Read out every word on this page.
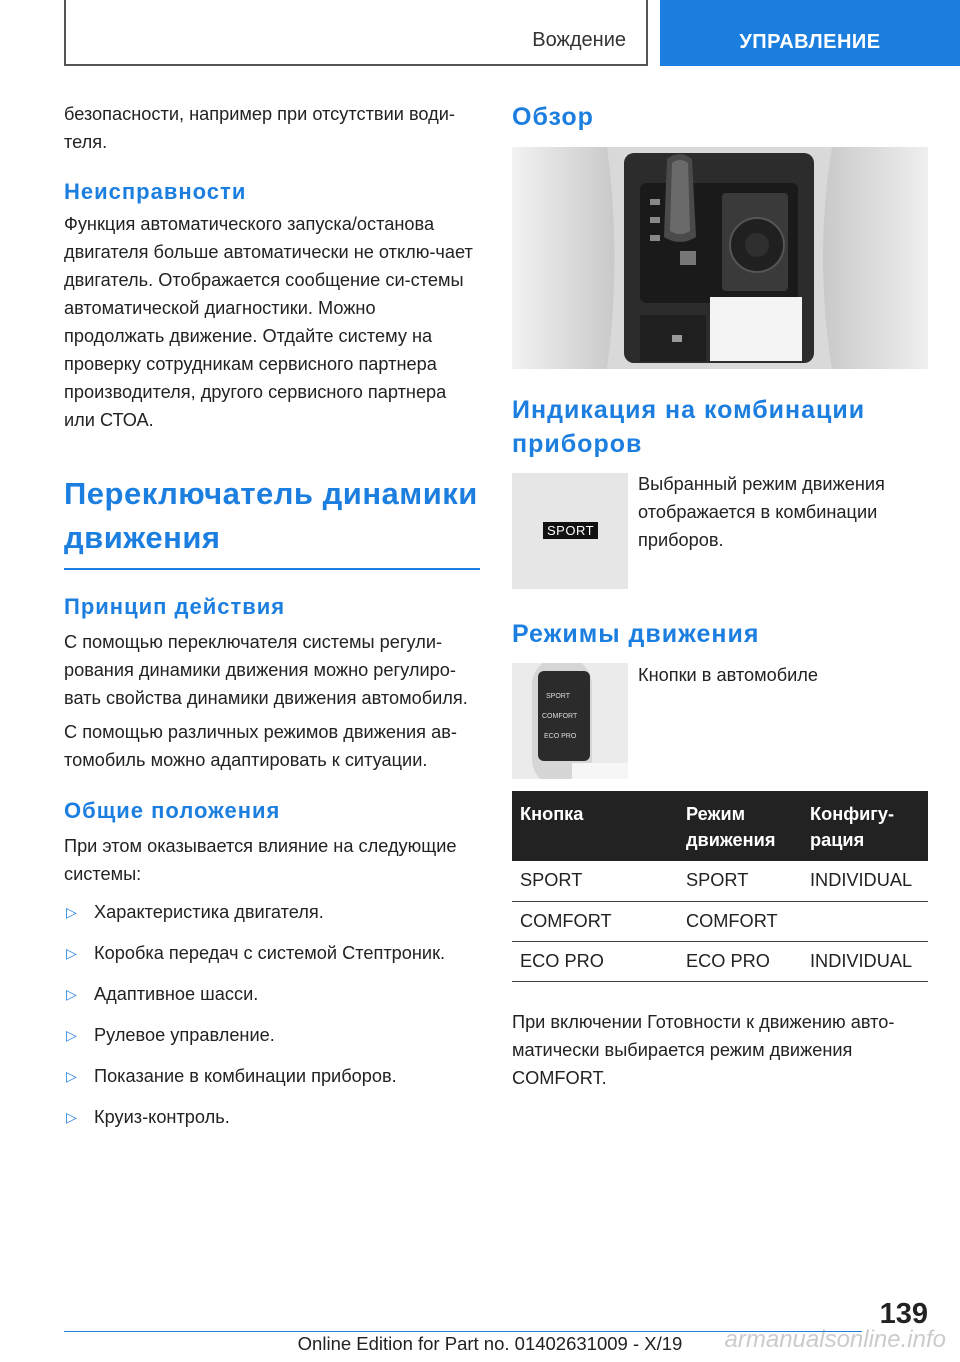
Вождение	УПРАВЛЕНИЕ

безопасности, например при отсутствии води-теля.

Неисправности

Функция автоматического запуска/останова двигателя больше автоматически не отклю-чает двигатель. Отображается сообщение си-стемы автоматической диагностики. Можно продолжать движение. Отдайте систему на проверку сотрудникам сервисного партнера производителя, другого сервисного партнера или СТОА.

Переключатель динамики движения
Принцип действия

С помощью переключателя системы регули-рования динамики движения можно регулиро-вать свойства динамики движения автомобиля.

С помощью различных режимов движения ав-томобиль можно адаптировать к ситуации.

Общие положения

При этом оказывается влияние на следующие системы:

▷ Характеристика двигателя.
▷ Коробка передач с системой Стептроник.
▷ Адаптивное шасси.
▷ Рулевое управление.
▷ Показание в комбинации приборов.
▷ Круиз-контроль.
Обзор
Индикация на комбинации приборов
SPORT

Выбранный режим движения отображается в комбинации приборов.

Режимы движения
SPORT
COMFORT
ECO PRO

Кнопки в автомобиле

Кнопка	Режим движения	Конфигу-рация
SPORT	SPORT	INDIVIDUAL
COMFORT	COMFORT	
ECO PRO	ECO PRO	INDIVIDUAL

При включении Готовности к движению авто-матически выбирается режим движения COMFORT.

139
Online Edition for Part no. 01402631009 - X/19	armanualsonline.info
